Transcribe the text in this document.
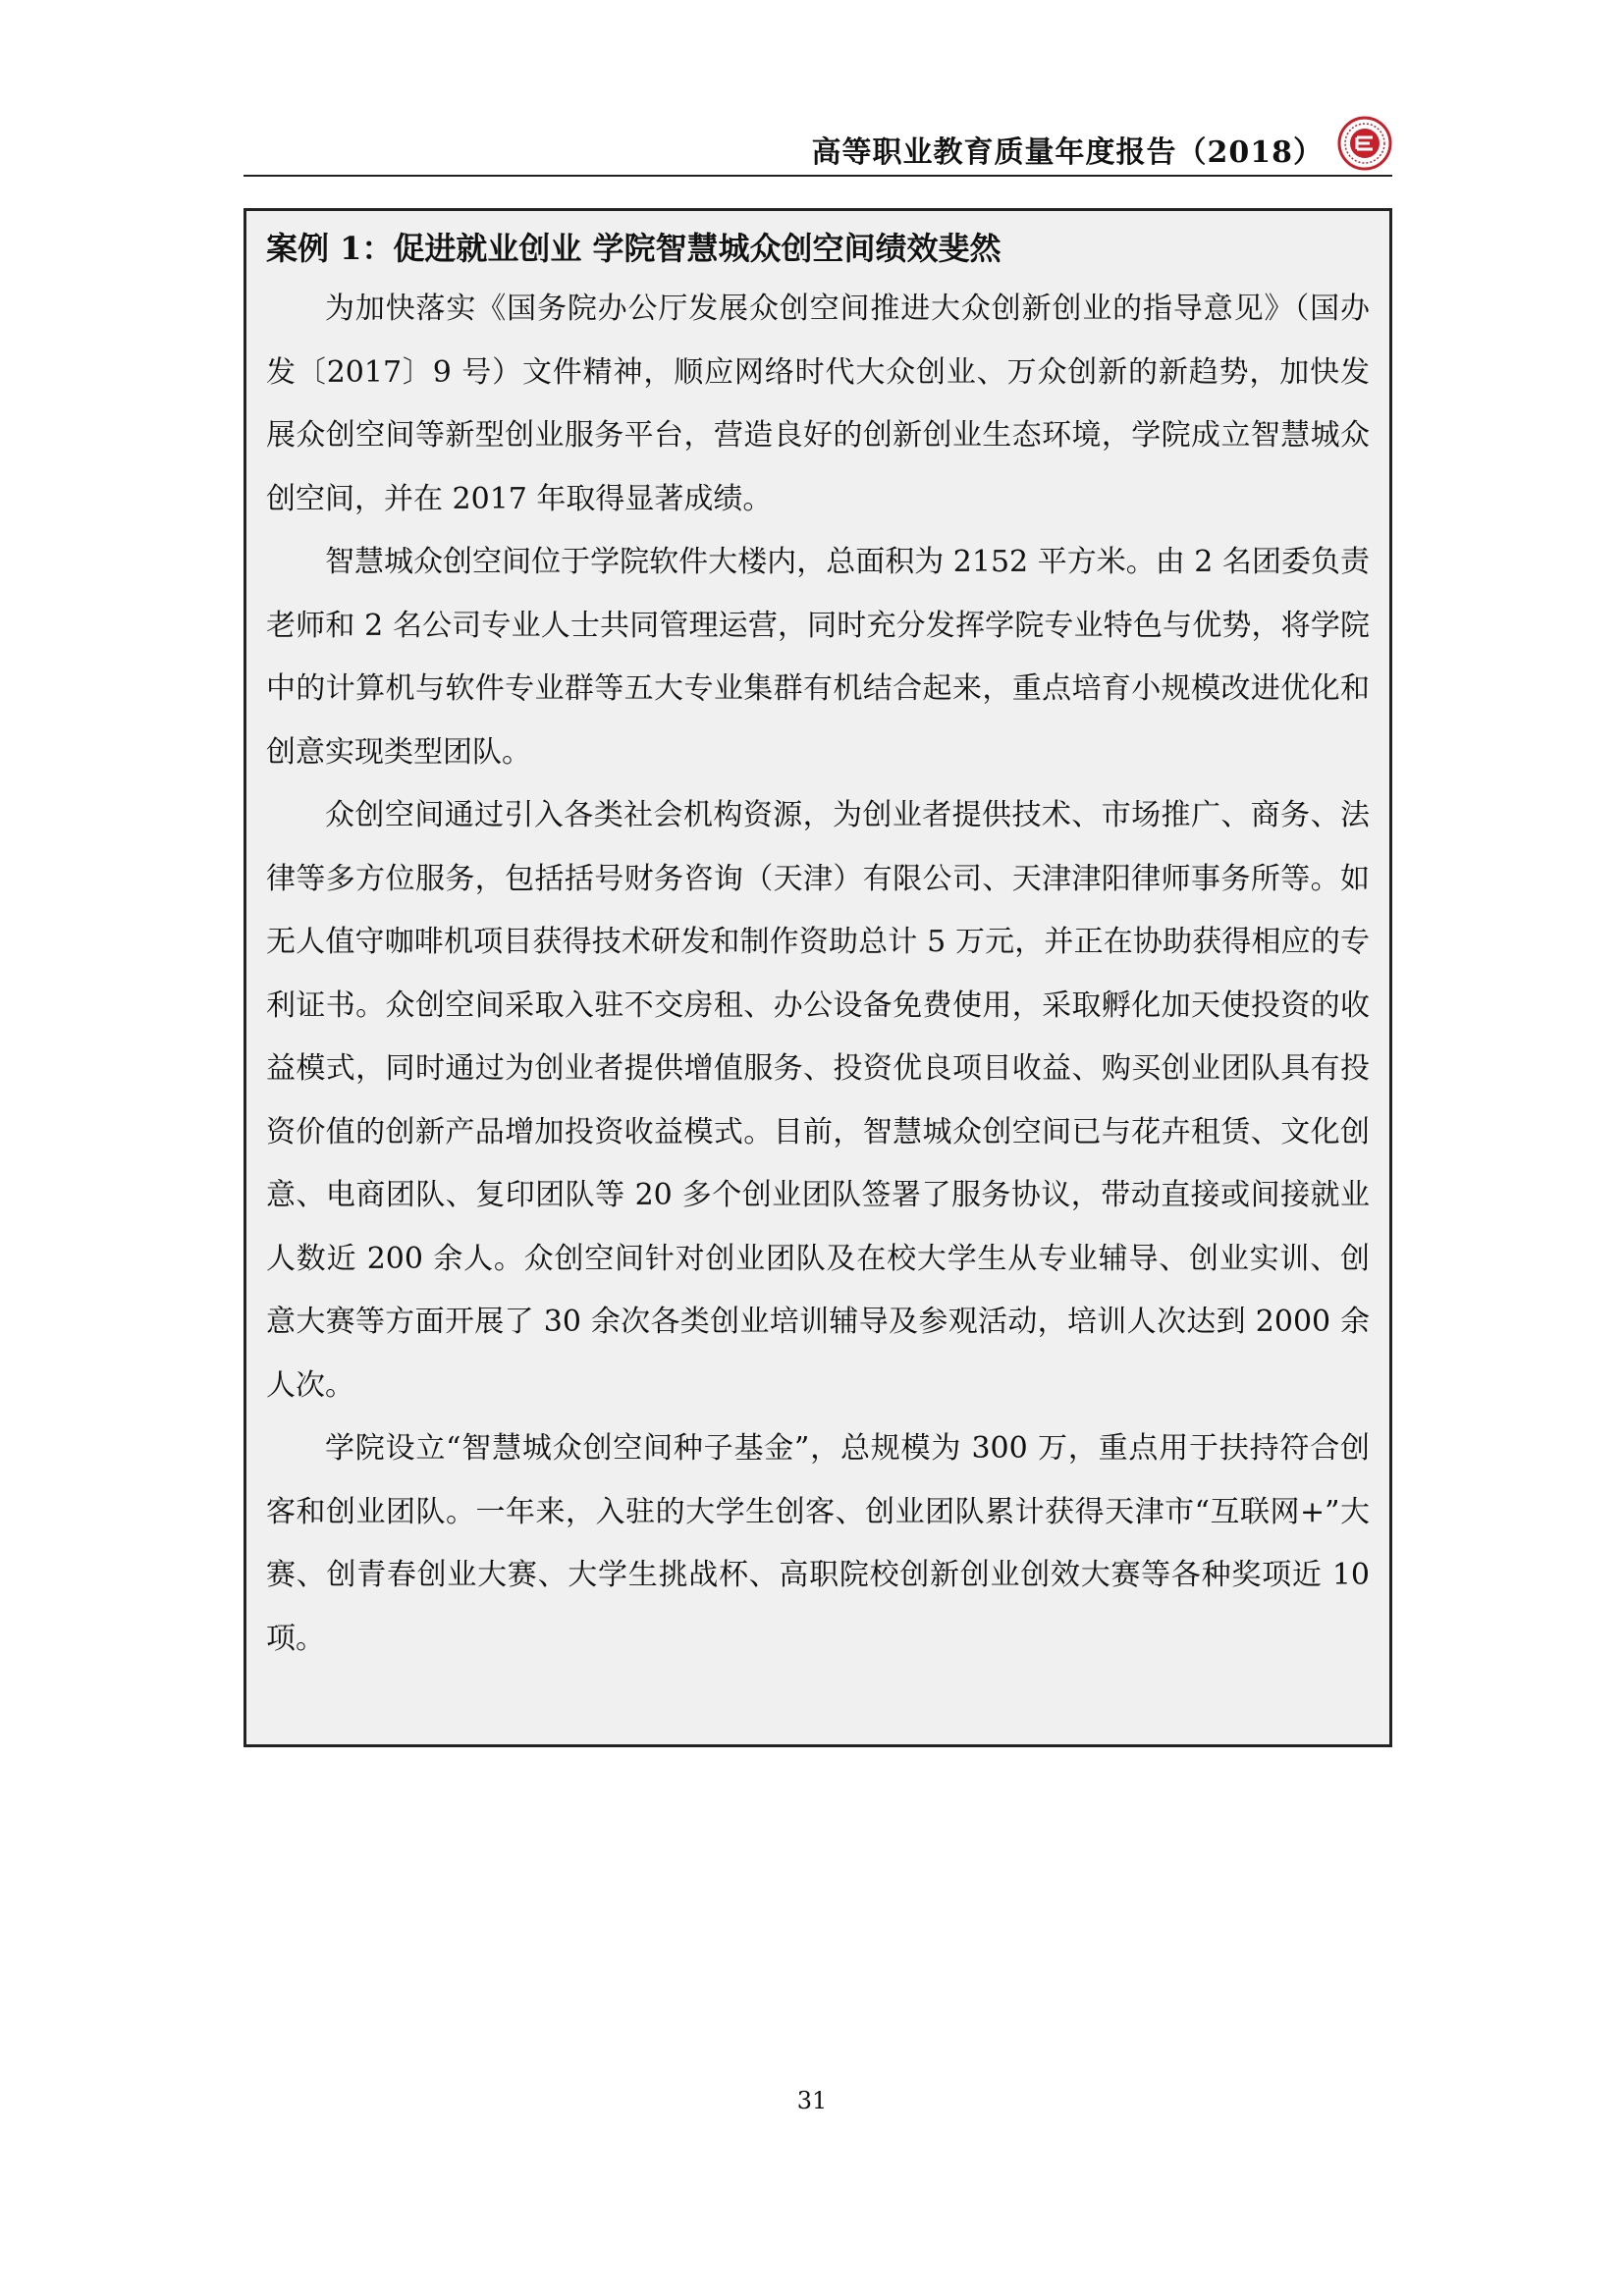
高等职业教育质量年度报告（2018）
案例 1：促进就业创业 学院智慧城众创空间绩效斐然

为加快落实《国务院办公厅发展众创空间推进大众创新创业的指导意见》（国办发〔2017〕9 号）文件精神，顺应网络时代大众创业、万众创新的新趋势，加快发展众创空间等新型创业服务平台，营造良好的创新创业生态环境，学院成立智慧城众创空间，并在 2017 年取得显著成绩。

智慧城众创空间位于学院软件大楼内，总面积为 2152 平方米。由 2 名团委负责老师和 2 名公司专业人士共同管理运营，同时充分发挥学院专业特色与优势，将学院中的计算机与软件专业群等五大专业集群有机结合起来，重点培育小规模改进优化和创意实现类型团队。

众创空间通过引入各类社会机构资源，为创业者提供技术、市场推广、商务、法律等多方位服务，包括括号财务咨询（天津）有限公司、天津津阳律师事务所等。如无人值守咖啡机项目获得技术研发和制作资助总计 5 万元，并正在协助获得相应的专利证书。众创空间采取入驻不交房租、办公设备免费使用，采取孵化加天使投资的收益模式，同时通过为创业者提供增值服务、投资优良项目收益、购买创业团队具有投资价值的创新产品增加投资收益模式。目前，智慧城众创空间已与花卉租赁、文化创意、电商团队、复印团队等 20 多个创业团队签署了服务协议，带动直接或间接就业人数近 200 余人。众创空间针对创业团队及在校大学生从专业辅导、创业实训、创意大赛等方面开展了 30 余次各类创业培训辅导及参观活动，培训人次达到 2000 余人次。

学院设立“智慧城众创空间种子基金”，总规模为 300 万，重点用于扶持符合创客和创业团队。一年来，入驻的大学生创客、创业团队累计获得天津市“互联网+”大赛、创青春创业大赛、大学生挑战杯、高职院校创新创业创效大赛等各种奖项近 10 项。

31
